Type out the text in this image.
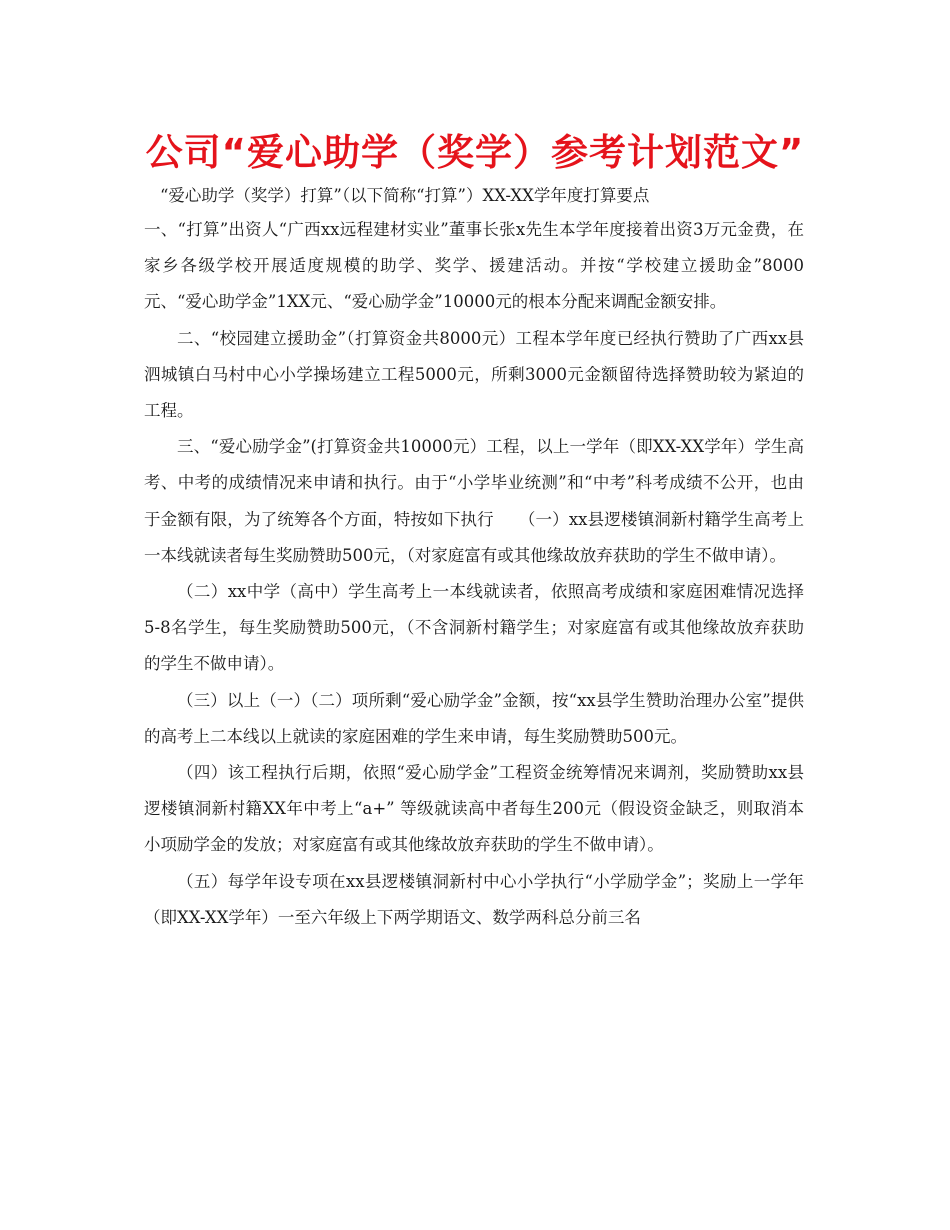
公司“爱心助学（奖学）参考计划范文”
“爱心助学（奖学）打算”（以下简称“打算”）XX-XX学年度打算要点

一、“打算”出资人“广西xx远程建材实业”董事长张x先生本学年度接着出资3万元金费，在家乡各级学校开展适度规模的助学、奖学、援建活动。并按“学校建立援助金”8000元、“爱心助学金”1XX元、“爱心励学金”10000元的根本分配来调配金额安排。

二、“校园建立援助金”（打算资金共8000元）工程本学年度已经执行赞助了广西xx县泗城镇白马村中心小学操场建立工程5000元，所剩3000元金额留待选择赞助较为紧迫的工程。

三、“爱心励学金”(打算资金共10000元）工程，以上一学年（即XX-XX学年）学生高考、中考的成绩情况来申请和执行。由于“小学毕业统测”和“中考”科考成绩不公开，也由于金额有限，为了统筹各个方面，特按如下执行　　（一）xx县逻楼镇洞新村籍学生高考上一本线就读者每生奖励赞助500元，（对家庭富有或其他缘故放弃获助的学生不做申请）。

（二）xx中学（高中）学生高考上一本线就读者，依照高考成绩和家庭困难情况选择5-8名学生，每生奖励赞助500元，（不含洞新村籍学生；对家庭富有或其他缘故放弃获助的学生不做申请）。

（三）以上（一）（二）项所剩“爱心励学金”金额，按“xx县学生赞助治理办公室”提供的高考上二本线以上就读的家庭困难的学生来申请，每生奖励赞助500元。

（四）该工程执行后期，依照“爱心励学金”工程资金统筹情况来调剂，奖励赞助xx县逻楼镇洞新村籍XX年中考上“a+” 等级就读高中者每生200元（假设资金缺乏，则取消本小项励学金的发放；对家庭富有或其他缘故放弃获助的学生不做申请）。

（五）每学年设专项在xx县逻楼镇洞新村中心小学执行“小学励学金”；奖励上一学年（即XX-XX学年）一至六年级上下两学期语文、数学两科总分前三名
